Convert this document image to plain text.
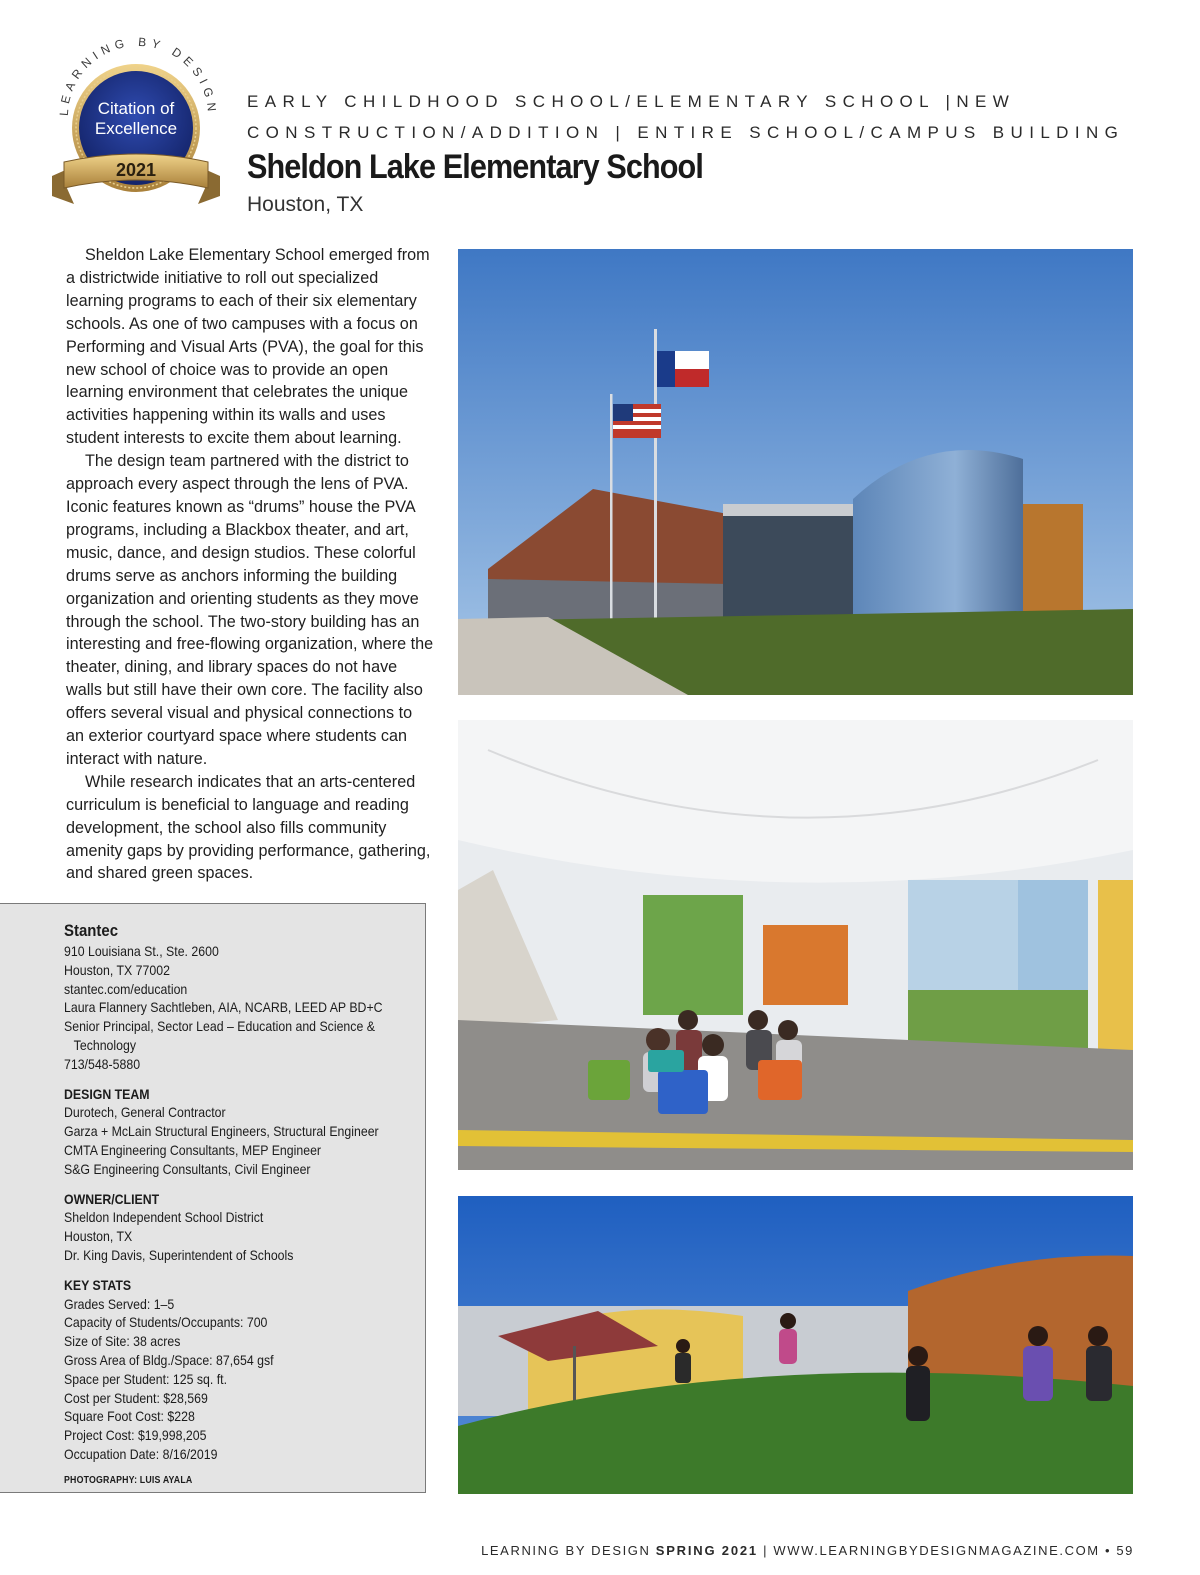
LEARNING BY DESIGN
Citation of
Excellence
2021
EARLY CHILDHOOD SCHOOL/ELEMENTARY SCHOOL |NEW
CONSTRUCTION/ADDITION | ENTIRE SCHOOL/CAMPUS BUILDING
Sheldon Lake Elementary School
Houston, TX

Sheldon Lake Elementary School emerged from a districtwide initiative to roll out specialized learning programs to each of their six elementary schools. As one of two campuses with a focus on Performing and Visual Arts (PVA), the goal for this new school of choice was to provide an open learning environment that celebrates the unique activities happening within its walls and uses student interests to excite them about learning.

The design team partnered with the district to approach every aspect through the lens of PVA. Iconic features known as “drums” house the PVA programs, including a Blackbox theater, and art, music, dance, and design studios. These colorful drums serve as anchors informing the building organization and orienting students as they move through the school. The two-story building has an interesting and free-flowing organization, where the theater, dining, and library spaces do not have walls but still have their own core. The facility also offers several visual and physical connections to an exterior courtyard space where students can interact with nature.

While research indicates that an arts-centered curriculum is beneficial to language and reading development, the school also fills community amenity gaps by providing performance, gathering, and shared green spaces.

Stantec
910 Louisiana St., Ste. 2600
Houston, TX 77002
stantec.com/education
Laura Flannery Sachtleben, AIA, NCARB, LEED AP BD+C
Senior Principal, Sector Lead – Education and Science &
Technology
713/548-5880
DESIGN TEAM
Durotech, General Contractor
Garza + McLain Structural Engineers, Structural Engineer
CMTA Engineering Consultants, MEP Engineer
S&G Engineering Consultants, Civil Engineer
OWNER/CLIENT
Sheldon Independent School District
Houston, TX
Dr. King Davis, Superintendent of Schools
KEY STATS
Grades Served: 1–5
Capacity of Students/Occupants: 700
Size of Site: 38 acres
Gross Area of Bldg./Space: 87,654 gsf
Space per Student: 125 sq. ft.
Cost per Student: $28,569
Square Foot Cost: $228
Project Cost: $19,998,205
Occupation Date: 8/16/2019
PHOTOGRAPHY: LUIS AYALA
LEARNING BY DESIGN SPRING 2021 | WWW.LEARNINGBYDESIGNMAGAZINE.COM • 59
